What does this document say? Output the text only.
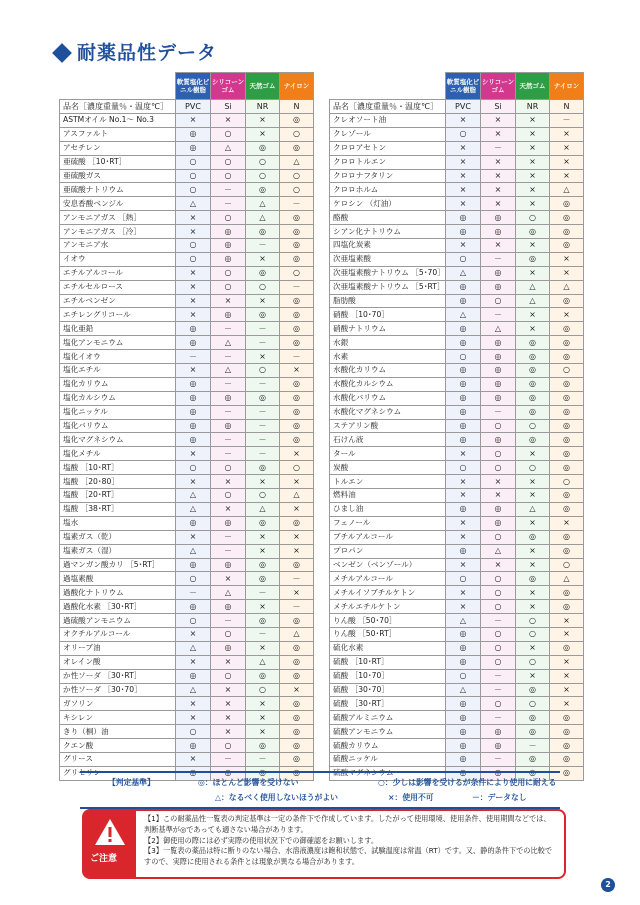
耐薬品性データ
	軟質塩化ビニル樹脂	シリコーンゴム	天然ゴム	ナイロン
品名［濃度重量％・温度℃］	PVC	Si	NR	N
ASTMオイル No.1〜 No.3	×	×	×	◎
アスファルト	◎	○	×	○
アセチレン	◎	△	◎	◎
亜硫酸 ［10･RT］	○	○	○	△
亜硫酸ガス	○	○	○	○
亜硫酸ナトリウム	○	－	◎	○
安息香酸ベンジル	△	－	△	－
アンモニアガス ［熱］	×	○	△	◎
アンモニアガス ［冷］	×	◎	◎	◎
アンモニア水	○	◎	－	◎
イオウ	○	◎	×	◎
エチルアルコール	×	○	◎	○
エチルセルロース	×	○	○	－
エチルベンゼン	×	×	×	◎
エチレングリコール	×	◎	◎	◎
塩化亜鉛	◎	－	－	◎
塩化アンモニウム	◎	△	－	◎
塩化イオウ	－	－	×	－
塩化エチル	×	△	○	×
塩化カリウム	◎	－	－	◎
塩化カルシウム	◎	◎	◎	◎
塩化ニッケル	◎	－	－	◎
塩化バリウム	◎	◎	－	◎
塩化マグネシウム	◎	－	－	◎
塩化メチル	×	－	－	×
塩酸 ［10･RT］	○	○	◎	○
塩酸 ［20･80］	×	×	×	×
塩酸 ［20･RT］	△	○	○	△
塩酸 ［38･RT］	△	×	△	×
塩水	◎	◎	◎	◎
塩素ガス（乾）	×	－	×	×
塩素ガス（湿）	△	－	×	×
過マンガン酸カリ ［5･RT］	◎	◎	◎	◎
過塩素酸	○	×	◎	－
過酸化ナトリウム	－	△	－	×
過酸化水素 ［30･RT］	◎	◎	×	－
過硫酸アンモニウム	○	－	◎	◎
オクチルアルコール	×	○	－	△
オリーブ油	△	◎	×	◎
オレイン酸	×	×	△	◎
か性ソーダ ［30･RT］	◎	○	◎	◎
か性ソーダ ［30･70］	△	×	○	×
ガソリン	×	×	×	◎
キシレン	×	×	×	◎
きり（桐）油	○	×	×	◎
クエン酸	◎	○	◎	◎
グリース	×	－	－	◎
グリセリン	◎	◎	◎	◎
	軟質塩化ビニル樹脂	シリコーンゴム	天然ゴム	ナイロン
品名［濃度重量％・温度℃］	PVC	Si	NR	N
クレオソート油	×	×	×	－
クレゾール	○	×	×	×
クロロアセトン	×	－	×	×
クロロトルエン	×	×	×	×
クロロナフタリン	×	×	×	×
クロロホルム	×	×	×	△
ケロシン （灯油）	×	×	×	◎
酪酸	◎	◎	○	◎
シアン化ナトリウム	◎	◎	◎	◎
四塩化炭素	×	×	×	◎
次亜塩素酸	○	－	◎	×
次亜塩素酸ナトリウム ［5･70］	△	◎	×	×
次亜塩素酸ナトリウム ［5･RT］	◎	◎	△	△
脂肪酸	◎	○	△	◎
硝酸 ［10･70］	△	－	×	×
硝酸ナトリウム	◎	△	×	◎
水銀	◎	◎	◎	◎
水素	○	◎	◎	◎
水酸化カリウム	◎	◎	◎	○
水酸化カルシウム	◎	◎	◎	◎
水酸化バリウム	◎	◎	◎	◎
水酸化マグネシウム	◎	－	◎	◎
ステアリン酸	◎	○	○	◎
石けん液	◎	◎	◎	◎
タール	×	○	×	◎
炭酸	○	○	○	◎
トルエン	×	×	×	○
燃料油	×	×	×	◎
ひまし油	◎	◎	△	◎
フェノール	×	◎	×	×
ブチルアルコール	×	○	◎	◎
プロパン	◎	△	×	◎
ベンゼン（ベンゾール）	×	×	×	○
メチルアルコール	○	○	◎	△
メチルイソブチルケトン	×	○	×	◎
メチルエチルケトン	×	○	×	◎
りん酸 ［50･70］	△	－	○	×
りん酸 ［50･RT］	◎	○	○	×
硫化水素	◎	○	×	◎
硫酸 ［10･RT］	◎	○	○	×
硫酸 ［10･70］	○	－	×	×
硫酸 ［30･70］	△	－	◎	×
硫酸 ［30･RT］	◎	○	○	×
硫酸アルミニウム	◎	－	◎	◎
硫酸アンモニウム	◎	◎	◎	◎
硫酸カリウム	◎	◎	－	◎
硫酸ニッケル	◎	－	◎	◎
硫酸マグネシウム	◎	◎	◎	◎
【判定基準】	◎：ほとんど影響を受けない	○：少しは影響を受けるが条件により使用に耐える
△：なるべく使用しないほうがよい	×：使用不可	－：データなし
ご注意

【1】この耐薬品性一覧表の判定基準は一定の条件下で作成しています。したがって使用環境、使用条件、使用期間などでは、判断基準が◎であっても適さない場合があります。

【2】御使用の際には必ず実際の使用状況下での御確認をお願いします。

【3】一覧表の薬品は特に断りのない場合、水溶液濃度は飽和状態で、試験温度は常温（RT）です。又、静的条件下での比較ですので、実際に使用される条件とは現象が異なる場合があります。

2
